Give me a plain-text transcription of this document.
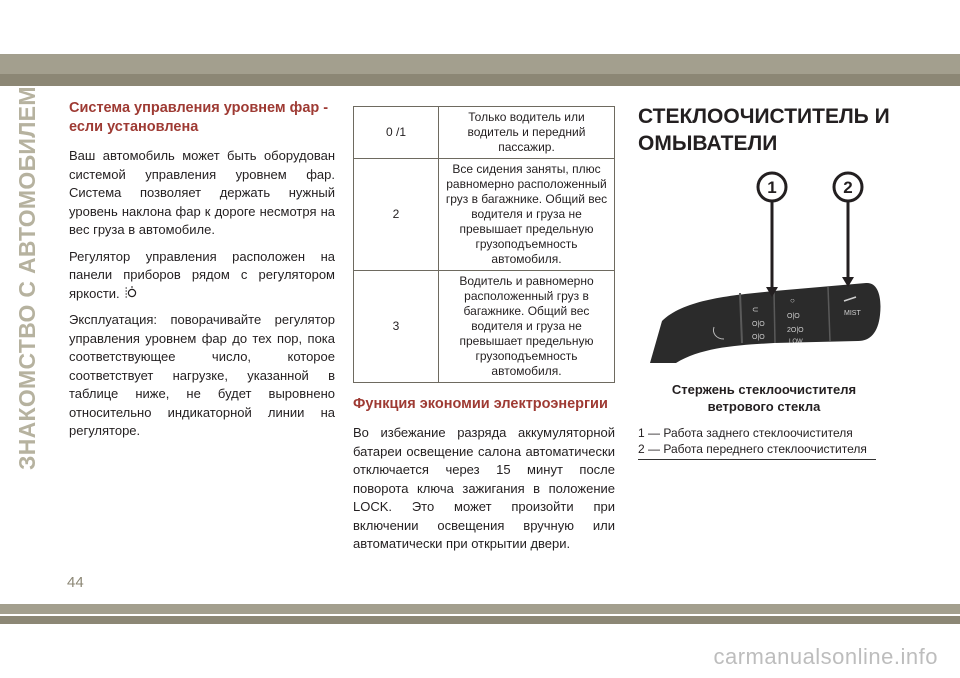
ЗНАКОМСТВО С АВТОМОБИЛЕМ Система управления уровнем фар - если установлена

Ваш автомобиль может быть оборудован системой управления уровнем фар. Система позволяет держать нужный уровень наклона фар к дороге несмотря на вес груза в автомобиле.

Регулятор управления расположен на панели приборов рядом с регулятором яркости.

Эксплуатация: поворачивайте регулятор управления уровнем фар до тех пор, пока соответствующее число, которое соответствует нагрузке, указанной в таблице ниже, не будет выровнено относительно индикаторной линии на регуляторе.

0 /1	Только водитель или водитель и передний пассажир.
2	Все сидения заняты, плюс равномерно расположенный груз в багажнике. Общий вес водителя и груза не превышает предельную грузоподъемность автомобиля.
3	Водитель и равномерно расположенный груз в багажнике. Общий вес водителя и груза не превышает предельную грузоподъемность автомобиля.
Функция экономии электроэнергии

Во избежание разряда аккумуляторной батареи освещение салона автоматически отключается через 15 минут после поворота ключа зажигания в положение LOCK. Это может произойти при включении освещения вручную или автоматически при открытии двери.

СТЕКЛООЧИСТИТЕЛЬ И ОМЫВАТЕЛИ
⊂
O|O
O|O
○
O|O
2O|O
LOW
MIST
1	2
Стержень стеклоочистителя ветрового стекла
1 — Работа заднего стеклоочистителя
2 — Работа переднего стеклоочистителя
44
carmanualsonline.info
